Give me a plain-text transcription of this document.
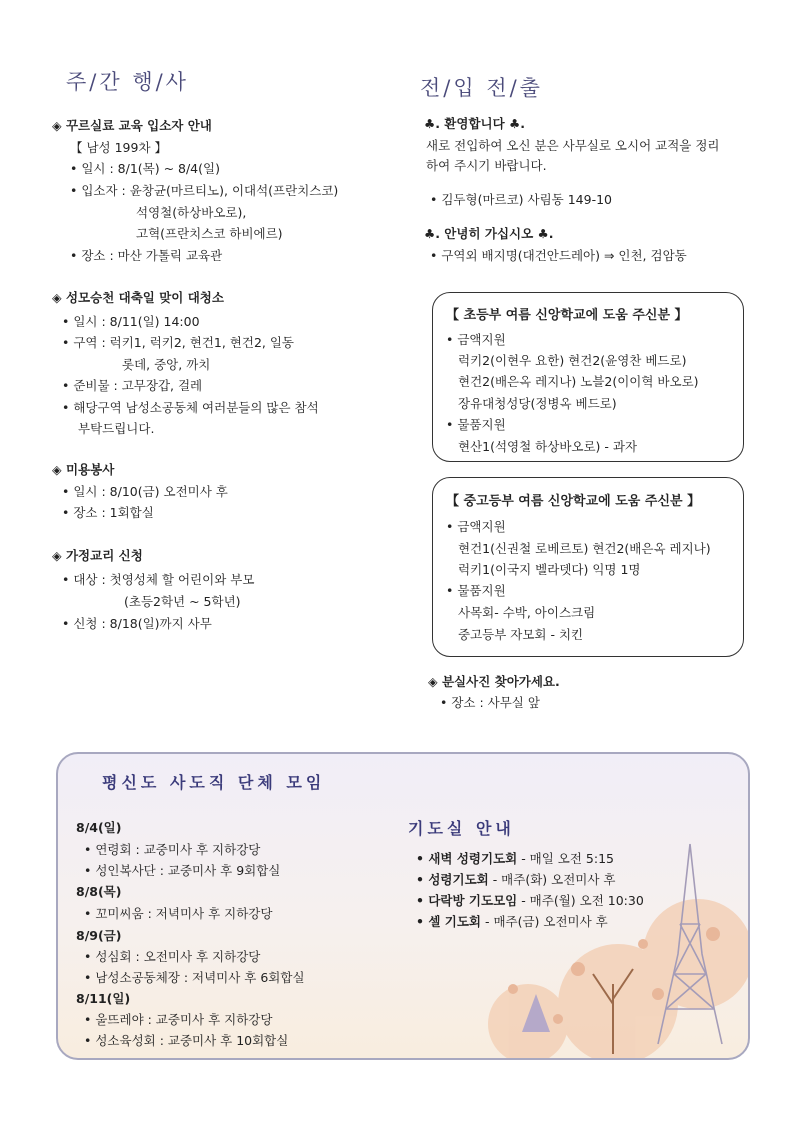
주/간 행/사
◈ 꾸르실료 교육 입소자 안내
【 남성 199차 】
• 일시 : 8/1(목) ~ 8/4(일)
• 입소자 : 윤창균(마르티노), 이대석(프란치스코)
석영철(하상바오로),
고혁(프란치스코 하비에르)
• 장소 : 마산 가톨릭 교육관
◈ 성모승천 대축일 맞이 대청소
• 일시 : 8/11(일) 14:00
• 구역 : 럭키1, 럭키2, 현건1, 현건2, 일동
롯데, 중앙, 까치
• 준비물 : 고무장갑, 걸레
• 해당구역 남성소공동체 여러분들의 많은 참석
부탁드립니다.
◈ 미용봉사
• 일시 : 8/10(금) 오전미사 후
• 장소 : 1회합실
◈ 가정교리 신청
• 대상 : 첫영성체 할 어린이와 부모
(초등2학년 ~ 5학년)
• 신청 : 8/18(일)까지 사무
전/입 전/출
♣. 환영합니다 ♣.
새로 전입하여 오신 분은 사무실로 오시어 교적을 정리
하여 주시기 바랍니다.
• 김두형(마르코) 사림동 149-10
♣. 안녕히 가십시오 ♣.
• 구역외 배지명(대건안드레아) ⇒ 인천, 검암동
【 초등부 여름 신앙학교에 도움 주신분 】
• 금액지원
럭키2(이현우 요한) 현건2(윤영찬 베드로)
현건2(배은옥 레지나) 노블2(이이혁 바오로)
장유대청성당(정병옥 베드로)
• 물품지원
현산1(석영철 하상바오로) - 과자
【 중고등부 여름 신앙학교에 도움 주신분 】
• 금액지원
현건1(신권철 로베르토) 현건2(배은옥 레지나)
럭키1(이국지 벨라뎃다) 익명 1명
• 물품지원
사목회- 수박, 아이스크림
중고등부 자모회 - 치킨
◈ 분실사진 찾아가세요.
• 장소 : 사무실 앞
평신도 사도직 단체 모임
8/4(일)
• 연령회 : 교중미사 후 지하강당
• 성인복사단 : 교중미사 후 9회합실
8/8(목)
• 꼬미씨움 : 저녁미사 후 지하강당
8/9(금)
• 성심회 : 오전미사 후 지하강당
• 남성소공동체장 : 저녁미사 후 6회합실
8/11(일)
• 울뜨레야 : 교중미사 후 지하강당
• 성소육성회 : 교중미사 후 10회합실
기도실 안내
• 새벽 성령기도회 - 매일 오전 5:15
• 성령기도회 - 매주(화) 오전미사 후
• 다락방 기도모임 - 매주(월) 오전 10:30
• 셀 기도회 - 매주(금) 오전미사 후
